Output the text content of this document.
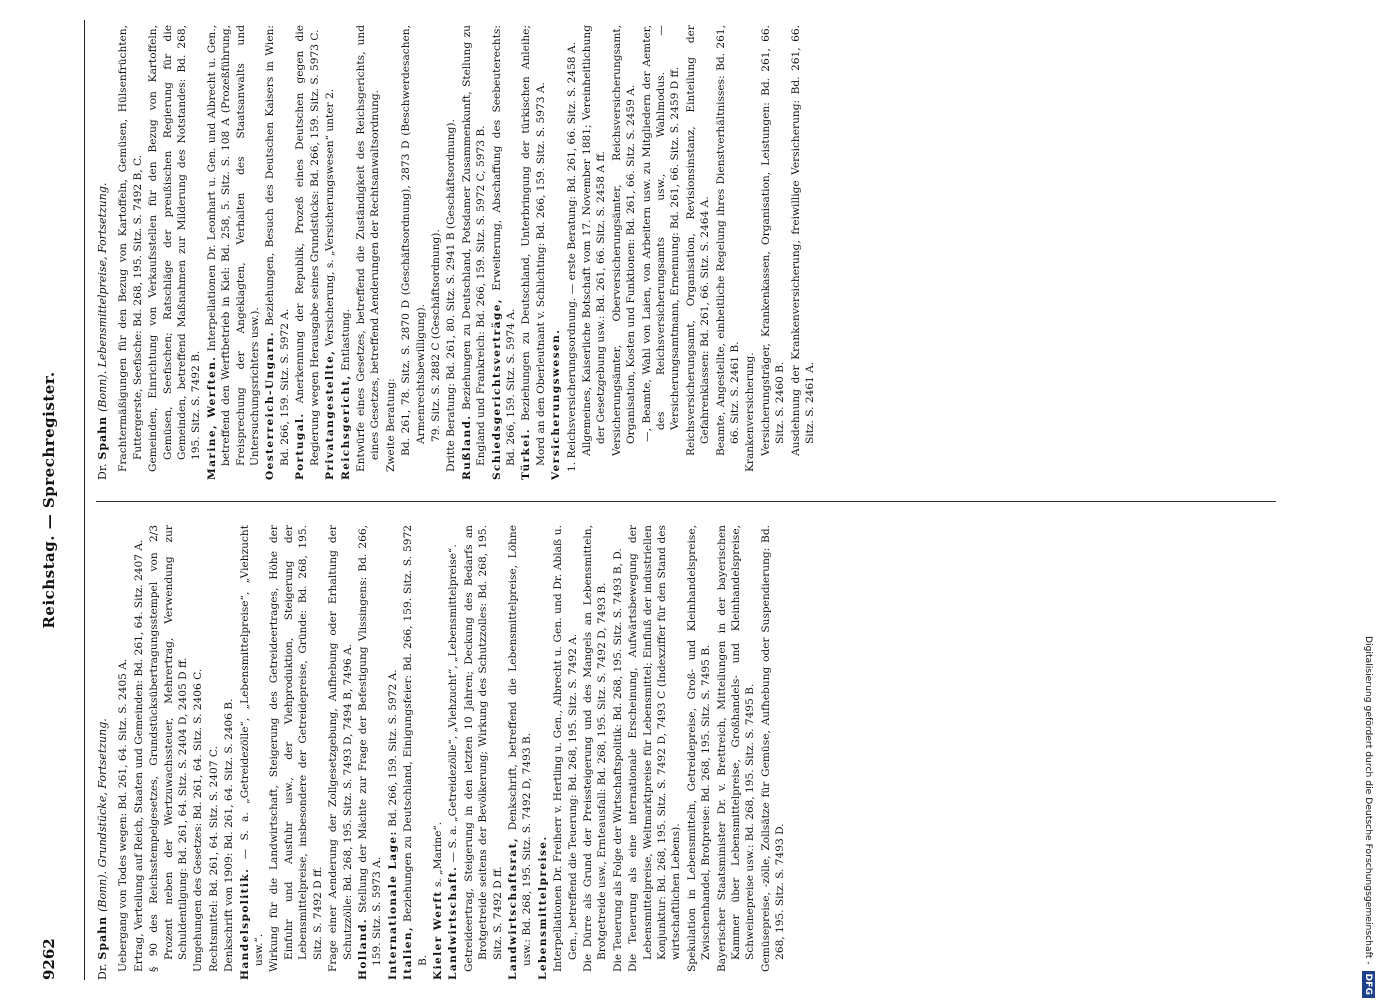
9262
Reichstag. — Sprechregister.
Dr.Spahn(Bonn). Grundstücke, Fortsetzung. Uebergang von Todes wegen: Bd. 261, 64. Sitz. S. 2405 A. Ertrag, Verteilung auf Reich, Staaten und Gemeinden: Bd. 261, 64. Sitz. 2407 A. § 90 des Reichsstempelgesetzes, Grundstücksübertragungsstempel von 2/3 Prozent neben der Wertzuwachssteuer, Mehrertrag, Verwendung zur Schuldentilgung: Bd. 261, 64. Sitz. S. 2404 D, 2405 D ff. Umgehungen des Gesetzes: Bd. 261, 64. Sitz. S. 2406 C. Rechtsmittel: Bd. 261, 64. Sitz. S. 2407 C. Denkschrift von 1909: Bd. 261, 64. Sitz. S. 2406 B. Handelspolitik. — S. a. „Getreidezölle“, „Lebensmittelpreise“, „Viehzucht usw.“. Wirkung für die Landwirtschaft, Steigerung des Getreideertrages, Höhe der Einfuhr und Ausfuhr usw., der Viehproduktion, Steigerung der Lebensmittelpreise, insbesondere der Getreidepreise, Gründe: Bd. 268, 195. Sitz. S. 7492 D ff. Frage einer Aenderung der Zollgesetzgebung, Aufhebung oder Erhaltung der Schutzzölle: Bd. 268, 195. Sitz. S. 7493 D, 7494 B, 7496 A. Holland. Stellung der Mächte zur Frage der Befestigung Vlissingens: Bd. 266, 159. Sitz. S. 5973 A. Internationale Lage: Bd. 266, 159. Sitz. S. 5972 A.
Italien, Beziehungen zu Deutschland, Einigungsfeier: Bd. 266, 159. Sitz. S. 5972 B. Kieler Werft s. „Marine“.
Landwirtschaft. — S. a. „Getreidezölle“, „Viehzucht“, „Lebensmittelpreise“. Getreideertrag, Steigerung in den letzten 10 Jahren; Deckung des Bedarfs an Brotgetreide seitens der Bevölkerung; Wirkung des Schutzzolles: Bd. 268, 195. Sitz. S. 7492 D ff. Landwirtschaftsrat, Denkschrift, betreffend die Lebensmittelpreise, Löhne usw.: Bd. 268, 195. Sitz. S. 7492 D, 7493 B. Lebensmittelpreise. Interpellationen Dr. Freiherr v. Hertling u. Gen., Albrecht u. Gen. und Dr. Ablaß u. Gen., betreffend die Teuerung: Bd. 268, 195. Sitz. S. 7492 A. Die Dürre als Grund der Preissteigerung und des Mangels an Lebensmitteln, Brotgetreide usw., Ernteausfall: Bd. 268, 195. Sitz. S. 7492 D, 7493 B. Die Teuerung als Folge der Wirtschaftspolitik: Bd. 268, 195. Sitz. S. 7493 B, D. Die Teuerung als eine internationale Erscheinung, Aufwärtsbewegung der Lebensmittelpreise, Weltmarktpreise für Lebensmittel; Einfluß der industriellen Konjunktur: Bd. 268, 195. Sitz. S. 7492 D, 7493 C (Indexziffer für den Stand des wirtschaftlichen Lebens). Spekulation in Lebensmitteln, Getreidepreise, Groß- und Kleinhandelspreise, Zwischenhandel, Brotpreise: Bd. 268, 195. Sitz. S. 7495 B. Bayerischer Staatsminister Dr. v. Brettreich, Mitteilungen in der bayerischen Kammer über Lebensmittelpreise, Großhandels- und Kleinhandelspreise, Schweinepreise usw.: Bd. 268, 195. Sitz. S. 7495 B. Gemüsepreise, -zölle, Zollsätze für Gemüse, Aufhebung oder Suspendierung: Bd. 268, 195. Sitz. S. 7493 D.
Dr.Spahn(Bonn). Lebensmittelpreise, Fortsetzung. Frachtermäßigungen für den Bezug von Kartoffeln, Gemüsen, Hülsenfrüchten, Futtergerste, Seefische: Bd. 268, 195. Sitz. S. 7492 B, C. Gemeinden, Einrichtung von Verkaufsstellen für den Bezug von Kartoffeln, Gemüsen, Seefischen; Ratschläge der preußischen Regierung für die Gemeinden, betreffend Maßnahmen zur Milderung des Notstandes: Bd. 268, 195. Sitz. S. 7492 B. Marine, Werften. Interpellationen Dr. Leonhart u. Gen. und Albrecht u. Gen., betreffend den Werftbetrieb in Kiel: Bd. 258, 5. Sitz. S. 108 A (Prozeßführung, Freisprechung der Angeklagten, Verhalten des Staatsanwalts und Untersuchungsrichters usw.). Oesterreich-Ungarn. Beziehungen, Besuch des Deutschen Kaisers in Wien: Bd. 266, 159. Sitz. S. 5972 A. Portugal. Anerkennung der Republik, Prozeß eines Deutschen gegen die Regierung wegen Herausgabe seines Grundstücks: Bd. 266, 159. Sitz. S. 5973 C. Privatangestellte, Versicherung, s. „Versicherungswesen“ unter 2.
Reichsgericht, Entlastung. Entwürfe eines Gesetzes, betreffend die Zuständigkeit des Reichsgerichts, und eines Gesetzes, betreffend Aenderungen der Rechtsanwaltsordnung. Zweite Beratung: Bd. 261, 78. Sitz. S. 2870 D (Geschäftsordnung), 2873 D (Beschwerdesachen, Armenrechtsbewilligung). 79. Sitz. S. 2882 C (Geschäftsordnung). Dritte Beratung: Bd. 261, 80. Sitz. S. 2941 B (Geschäftsordnung). Rußland. Beziehungen zu Deutschland, Potsdamer Zusammenkunft, Stellung zu England und Frankreich: Bd. 266, 159. Sitz. S. 5972 C, 5973 B. Schiedsgerichtsverträge, Erweiterung, Abschaffung des Seebeuterechts: Bd. 266, 159. Sitz. S. 5974 A. Türkei. Beziehungen zu Deutschland, Unterbringung der türkischen Anleihe; Mord an den Oberleutnant v. Schlichting: Bd. 266, 159. Sitz. S. 5973 A. Versicherungswesen. 1. Reichsversicherungsordnung. — erste Beratung: Bd. 261, 66. Sitz. S. 2458 A. Allgemeines, Kaiserliche Botschaft vom 17. November 1881; Vereinheitlichung der Gesetzgebung usw.: Bd. 261, 66. Sitz. S. 2458 A ff. Versicherungsämter, Oberversicherungsämter, Reichsversicherungsamt, Organisation, Kosten und Funktionen: Bd. 261, 66. Sitz. S. 2459 A. —, Beamte, Wahl von Laien, von Arbeitern usw. zu Mitgliedern der Aemter, des Reichsversicherungsamts usw., Wahlmodus. — Versicherungsamtmann, Ernennung: Bd. 261, 66. Sitz. S. 2459 D ff. Reichsversicherungsamt, Organisation, Revisionsinstanz, Einteilung der Gefahrenklassen: Bd. 261, 66. Sitz. S. 2464 A. Beamte, Angestellte, einheitliche Regelung ihres Dienstverhältnisses: Bd. 261, 66. Sitz. S. 2461 B. Krankenversicherung. Versicherungsträger, Krankenkassen, Organisation, Leistungen: Bd. 261, 66. Sitz. S. 2460 B. Ausdehnung der Krankenversicherung, freiwillige Versicherung: Bd. 261, 66. Sitz. S. 2461 A.
Digitalisierung gefördert durch die Deutsche Forschungsgemeinschaft -DFG
